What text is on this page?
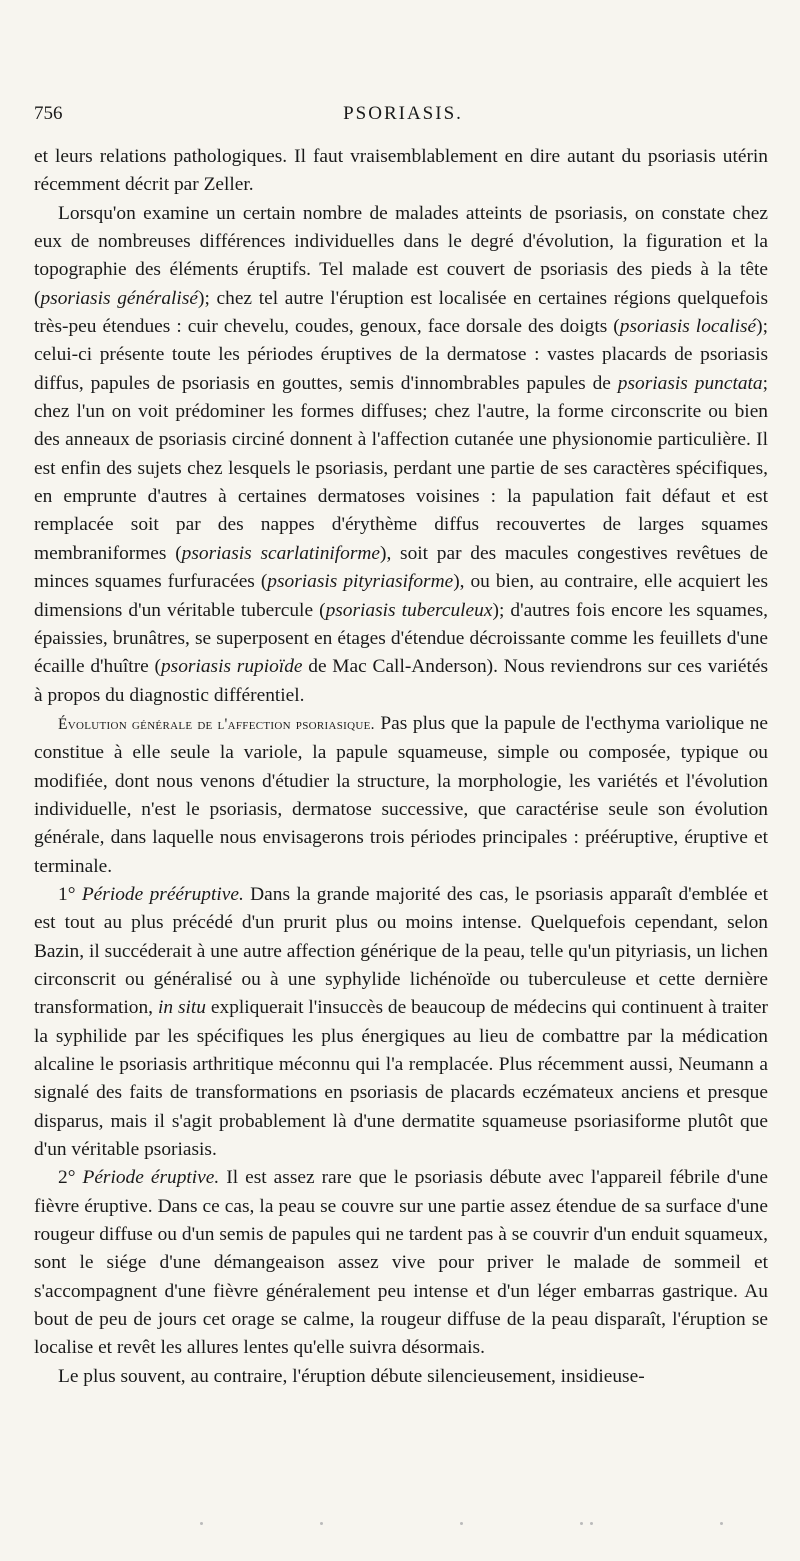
756	PSORIASIS.

et leurs relations pathologiques. Il faut vraisemblablement en dire autant du psoriasis utérin récemment décrit par Zeller.

Lorsqu'on examine un certain nombre de malades atteints de psoriasis, on constate chez eux de nombreuses différences individuelles dans le degré d'évolution, la figuration et la topographie des éléments éruptifs. Tel malade est couvert de psoriasis des pieds à la tête (psoriasis généralisé); chez tel autre l'éruption est localisée en certaines régions quelquefois très-peu étendues : cuir chevelu, coudes, genoux, face dorsale des doigts (psoriasis localisé); celui-ci présente toute les périodes éruptives de la dermatose : vastes placards de psoriasis diffus, papules de psoriasis en gouttes, semis d'innombrables papules de psoriasis punctata; chez l'un on voit prédominer les formes diffuses; chez l'autre, la forme circonscrite ou bien des anneaux de psoriasis circiné donnent à l'affection cutanée une physionomie particulière. Il est enfin des sujets chez lesquels le psoriasis, perdant une partie de ses caractères spécifiques, en emprunte d'autres à certaines dermatoses voisines : la papulation fait défaut et est remplacée soit par des nappes d'érythème diffus recouvertes de larges squames membraniformes (psoriasis scarlatiniforme), soit par des macules congestives revêtues de minces squames furfuracées (psoriasis pityriasiforme), ou bien, au contraire, elle acquiert les dimensions d'un véritable tubercule (psoriasis tuberculeux); d'autres fois encore les squames, épaissies, brunâtres, se superposent en étages d'étendue décroissante comme les feuillets d'une écaille d'huître (psoriasis rupioïde de Mac Call-Anderson). Nous reviendrons sur ces variétés à propos du diagnostic différentiel.

Évolution générale de l'affection psoriasique. Pas plus que la papule de l'ecthyma variolique ne constitue à elle seule la variole, la papule squameuse, simple ou composée, typique ou modifiée, dont nous venons d'étudier la structure, la morphologie, les variétés et l'évolution individuelle, n'est le psoriasis, dermatose successive, que caractérise seule son évolution générale, dans laquelle nous envisagerons trois périodes principales : prééruptive, éruptive et terminale.

1° Période prééruptive. Dans la grande majorité des cas, le psoriasis apparaît d'emblée et est tout au plus précédé d'un prurit plus ou moins intense. Quelquefois cependant, selon Bazin, il succéderait à une autre affection générique de la peau, telle qu'un pityriasis, un lichen circonscrit ou généralisé ou à une syphylide lichénoïde ou tuberculeuse et cette dernière transformation, in situ expliquerait l'insuccès de beaucoup de médecins qui continuent à traiter la syphilide par les spécifiques les plus énergiques au lieu de combattre par la médication alcaline le psoriasis arthritique méconnu qui l'a remplacée. Plus récemment aussi, Neumann a signalé des faits de transformations en psoriasis de placards eczémateux anciens et presque disparus, mais il s'agit probablement là d'une dermatite squameuse psoriasiforme plutôt que d'un véritable psoriasis.

2° Période éruptive. Il est assez rare que le psoriasis débute avec l'appareil fébrile d'une fièvre éruptive. Dans ce cas, la peau se couvre sur une partie assez étendue de sa surface d'une rougeur diffuse ou d'un semis de papules qui ne tardent pas à se couvrir d'un enduit squameux, sont le siége d'une démangeaison assez vive pour priver le malade de sommeil et s'accompagnent d'une fièvre généralement peu intense et d'un léger embarras gastrique. Au bout de peu de jours cet orage se calme, la rougeur diffuse de la peau disparaît, l'éruption se localise et revêt les allures lentes qu'elle suivra désormais.

Le plus souvent, au contraire, l'éruption débute silencieusement, insidieuse-
